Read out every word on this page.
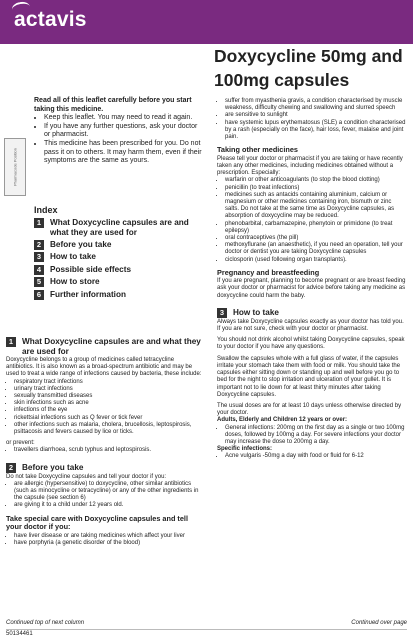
actavis
Doxycycline 50mg and 100mg capsules
Pharmacode Position

Read all of this leaflet carefully before you start taking this medicine.

• Keep this leaflet. You may need to read it again.
• If you have any further questions, ask your doctor or pharmacist.
• This medicine has been prescribed for you. Do not pass it on to others. It may harm them, even if their symptoms are the same as yours.
Index
1	What Doxycycline capsules are and what they are used for
2	Before you take
3	How to take
4	Possible side effects
5	How to store
6	Further information
1	What Doxycycline capsules are and what they are used for

Doxycycline belongs to a group of medicines called tetracycline antibiotics. It is also known as a broad-spectrum antibiotic and may be used to treat a wide range of infections caused by bacteria, these include:

• respiratory tract infections
• urinary tract infections
• sexually transmitted diseases
• skin infections such as acne
• infections of the eye
• rickettsial infections such as Q fever or tick fever
• other infections such as malaria, cholera, brucellosis, leptospirosis, psittacosis and fevers caused by lice or ticks.

or prevent:

• travellers diarrhoea, scrub typhus and leptospirosis.
2	Before you take

Do not take Doxycycline capsules and tell your doctor if you:

• are allergic (hypersensitive) to doxycycline, other similar antibiotics (such as minocycline or tetracycline) or any of the other ingredients in the capsule (see section 6)
• are giving it to a child under 12 years old.
Take special care with Doxycycline capsules and tell your doctor if you:
• have liver disease or are taking medicines which affect your liver
• have porphyria (a genetic disorder of the blood)
• suffer from myasthenia gravis, a condition characterised by muscle weakness, difficulty chewing and swallowing and slurred speech
• are sensitive to sunlight
• have systemic lupus erythematosus (SLE) a condition characterised by a rash (especially on the face), hair loss, fever, malaise and joint pain.
Taking other medicines

Please tell your doctor or pharmacist if you are taking or have recently taken any other medicines, including medicines obtained without a prescription. Especially:

• warfarin or other anticoagulants (to stop the blood clotting)
• penicillin (to treat infections)
• medicines such as antacids containing aluminium, calcium or magnesium or other medicines containing iron, bismuth or zinc salts. Do not take at the same time as Doxycycline capsules, as absorption of doxycycline may be reduced.
• phenobarbital, carbamazepine, phenytoin or primidone (to treat epilepsy)
• oral contraceptives (the pill)
• methoxyflurane (an anaesthetic), if you need an operation, tell your doctor or dentist you are taking Doxycycline capsules
• ciclosporin (used following organ transplants).
Pregnancy and breastfeeding

If you are pregnant, planning to become pregnant or are breast feeding ask your doctor or pharmacist for advice before taking any medicine as doxycycline could harm the baby.

3	How to take

Always take Doxycycline capsules exactly as your doctor has told you. If you are not sure, check with your doctor or pharmacist.

You should not drink alcohol whilst taking Doxycycline capsules, speak to your doctor if you have any questions.

Swallow the capsules whole with a full glass of water, if the capsules irritate your stomach take them with food or milk. You should take the capsules either sitting down or standing up and well before you go to bed for the night to stop irritation and ulceration of your gullet. It is important not to lie down for at least thirty minutes after taking Doxycycline capsules.

The usual doses are for at least 10 days unless otherwise directed by your doctor.

Adults, Elderly and Children 12 years or over:

• General infections: 200mg on the first day as a single or two 100mg doses, followed by 100mg a day. For severe infections your doctor may increase the dose to 200mg a day.

Specific infections:

• Acne vulgaris -50mg a day with food or fluid for 6-12
Continued top of next column
50134461
Continued over page
